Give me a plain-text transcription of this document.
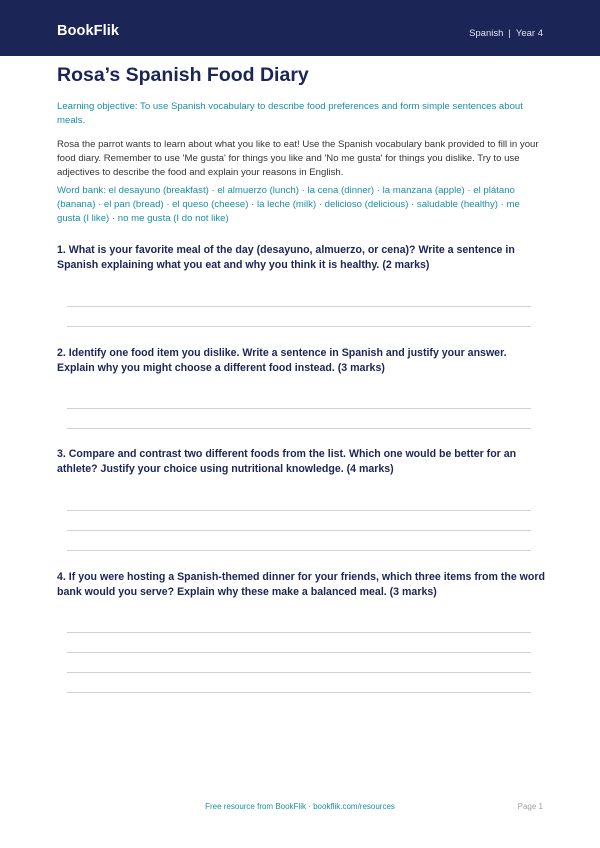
BookFlik	Spanish | Year 4
Rosa’s Spanish Food Diary

Learning objective: To use Spanish vocabulary to describe food preferences and form simple sentences about meals.

Rosa the parrot wants to learn about what you like to eat! Use the Spanish vocabulary bank provided to fill in your food diary. Remember to use 'Me gusta' for things you like and 'No me gusta' for things you dislike. Try to use adjectives to describe the food and explain your reasons in English.

Word bank: el desayuno (breakfast) · el almuerzo (lunch) · la cena (dinner) · la manzana (apple) · el plátano (banana) · el pan (bread) · el queso (cheese) · la leche (milk) · delicioso (delicious) · saludable (healthy) · me gusta (I like) · no me gusta (I do not like)

1. What is your favorite meal of the day (desayuno, almuerzo, or cena)? Write a sentence in Spanish explaining what you eat and why you think it is healthy. (2 marks)

2. Identify one food item you dislike. Write a sentence in Spanish and justify your answer. Explain why you might choose a different food instead. (3 marks)

3. Compare and contrast two different foods from the list. Which one would be better for an athlete? Justify your choice using nutritional knowledge. (4 marks)

4. If you were hosting a Spanish-themed dinner for your friends, which three items from the word bank would you serve? Explain why these make a balanced meal. (3 marks)

Free resource from BookFlik · bookflik.com/resources	Page 1
